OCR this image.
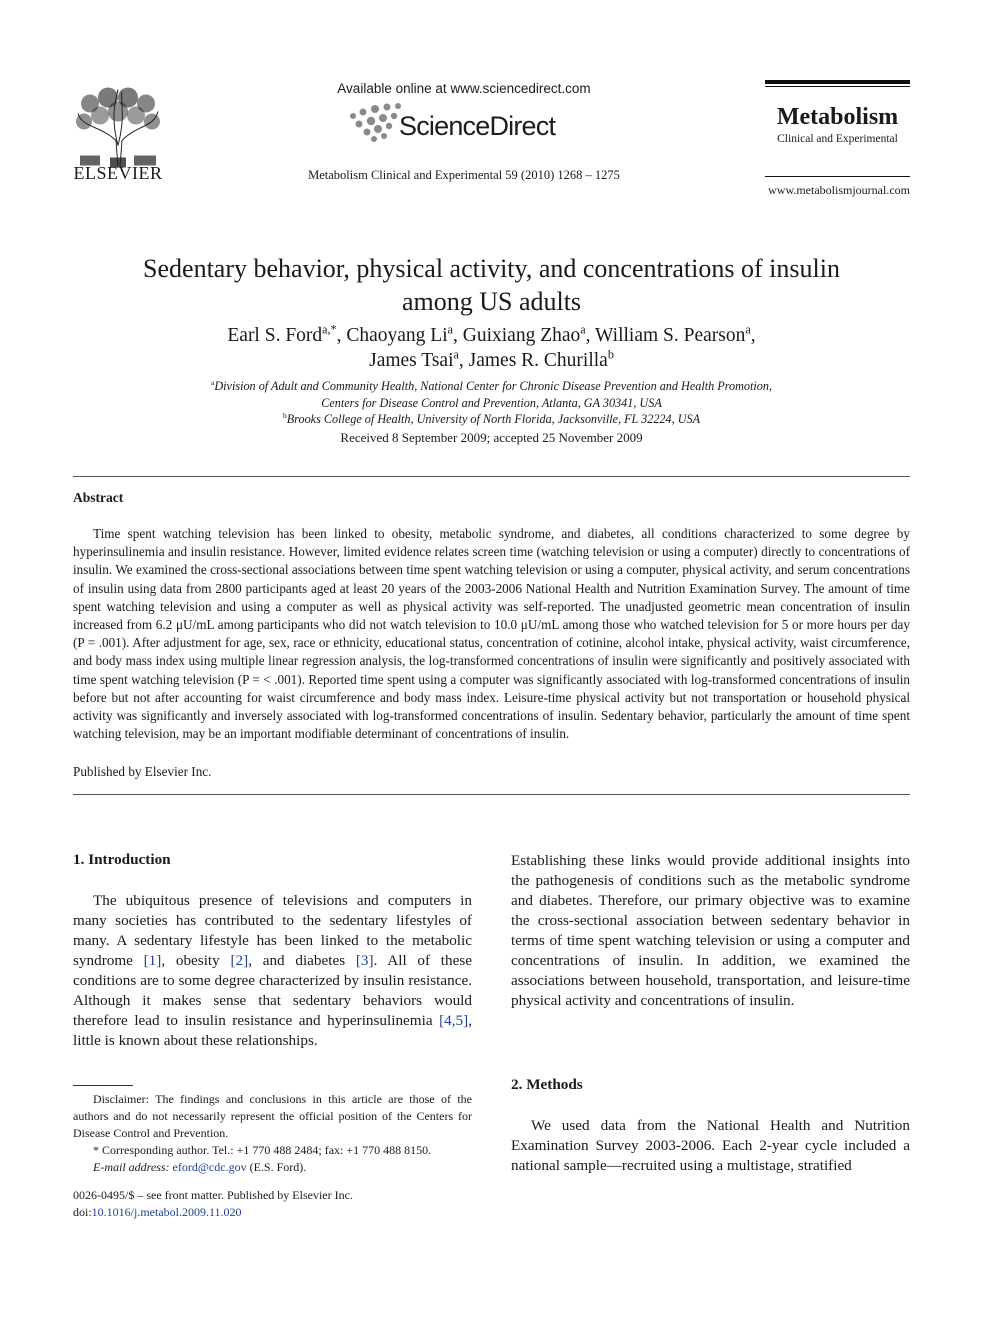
ELSEVIER
Available online at www.sciencedirect.com
ScienceDirect
Metabolism Clinical and Experimental 59 (2010) 1268 – 1275
Metabolism
Clinical and Experimental
www.metabolismjournal.com
Sedentary behavior, physical activity, and concentrations of insulin
among US adults
Earl S. Ford$^{a,*}$, Chaoyang Li$^a$, Guixiang Zhao$^a$, William S. Pearson$^a$,
James Tsai$^a$, James R. Churilla$^b$
$^a$Division of Adult and Community Health, National Center for Chronic Disease Prevention and Health Promotion,
Centers for Disease Control and Prevention, Atlanta, GA 30341, USA
$^b$Brooks College of Health, University of North Florida, Jacksonville, FL 32224, USA
Received 8 September 2009; accepted 25 November 2009
Abstract

Time spent watching television has been linked to obesity, metabolic syndrome, and diabetes, all conditions characterized to some degree by hyperinsulinemia and insulin resistance. However, limited evidence relates screen time (watching television or using a computer) directly to concentrations of insulin. We examined the cross-sectional associations between time spent watching television or using a computer, physical activity, and serum concentrations of insulin using data from 2800 participants aged at least 20 years of the 2003-2006 National Health and Nutrition Examination Survey. The amount of time spent watching television and using a computer as well as physical activity was self-reported. The unadjusted geometric mean concentration of insulin increased from 6.2 μU/mL among participants who did not watch television to 10.0 μU/mL among those who watched television for 5 or more hours per day (P = .001). After adjustment for age, sex, race or ethnicity, educational status, concentration of cotinine, alcohol intake, physical activity, waist circumference, and body mass index using multiple linear regression analysis, the log-transformed concentrations of insulin were significantly and positively associated with time spent watching television (P = < .001). Reported time spent using a computer was significantly associated with log-transformed concentrations of insulin before but not after accounting for waist circumference and body mass index. Leisure-time physical activity but not transportation or household physical activity was significantly and inversely associated with log-transformed concentrations of insulin. Sedentary behavior, particularly the amount of time spent watching television, may be an important modifiable determinant of concentrations of insulin.

Published by Elsevier Inc.
1. Introduction

The ubiquitous presence of televisions and computers in many societies has contributed to the sedentary lifestyles of many. A sedentary lifestyle has been linked to the metabolic syndrome [1], obesity [2], and diabetes [3]. All of these conditions are to some degree characterized by insulin resistance. Although it makes sense that sedentary behaviors would therefore lead to insulin resistance and hyperinsulinemia [4,5], little is known about these relationships.

Disclaimer: The findings and conclusions in this article are those of the authors and do not necessarily represent the official position of the Centers for Disease Control and Prevention.

* Corresponding author. Tel.: +1 770 488 2484; fax: +1 770 488 8150.

E-mail address: eford@cdc.gov (E.S. Ford).

0026-0495/$ – see front matter. Published by Elsevier Inc.
doi:10.1016/j.metabol.2009.11.020

Establishing these links would provide additional insights into the pathogenesis of conditions such as the metabolic syndrome and diabetes. Therefore, our primary objective was to examine the cross-sectional association between sedentary behavior in terms of time spent watching television or using a computer and concentrations of insulin. In addition, we examined the associations between household, transportation, and leisure-time physical activity and concentrations of insulin.

2. Methods

We used data from the National Health and Nutrition Examination Survey 2003-2006. Each 2-year cycle included a national sample—recruited using a multistage, stratified
